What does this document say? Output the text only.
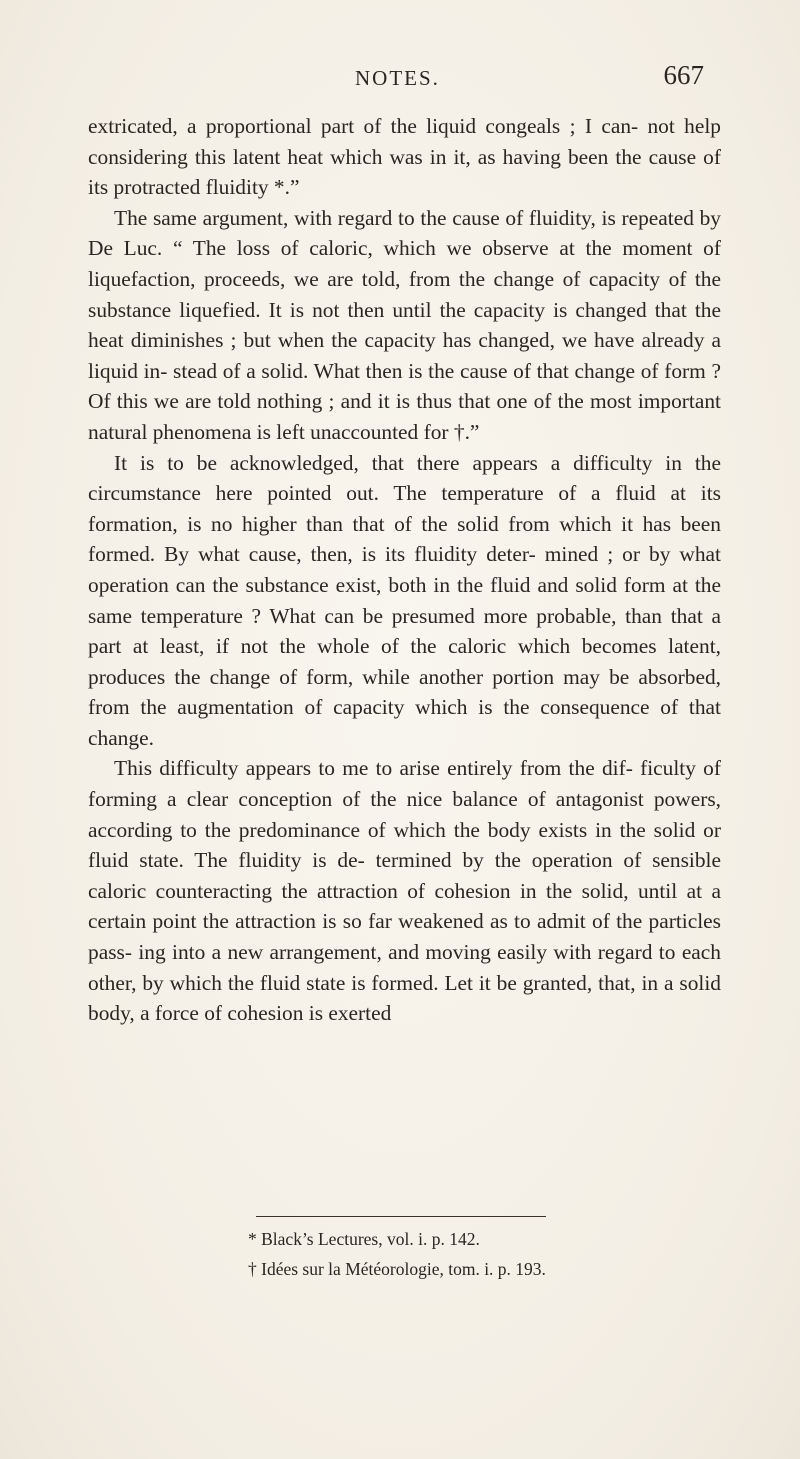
NOTES.	667

extricated, a proportional part of the liquid congeals ; I can- not help considering this latent heat which was in it, as having been the cause of its protracted fluidity *.”

The same argument, with regard to the cause of fluidity, is repeated by De Luc. “ The loss of caloric, which we observe at the moment of liquefaction, proceeds, we are told, from the change of capacity of the substance liquefied. It is not then until the capacity is changed that the heat diminishes ; but when the capacity has changed, we have already a liquid in- stead of a solid. What then is the cause of that change of form ? Of this we are told nothing ; and it is thus that one of the most important natural phenomena is left unaccounted for †.”

It is to be acknowledged, that there appears a difficulty in the circumstance here pointed out. The temperature of a fluid at its formation, is no higher than that of the solid from which it has been formed. By what cause, then, is its fluidity deter- mined ; or by what operation can the substance exist, both in the fluid and solid form at the same temperature ? What can be presumed more probable, than that a part at least, if not the whole of the caloric which becomes latent, produces the change of form, while another portion may be absorbed, from the augmentation of capacity which is the consequence of that change.

This difficulty appears to me to arise entirely from the dif- ficulty of forming a clear conception of the nice balance of antagonist powers, according to the predominance of which the body exists in the solid or fluid state. The fluidity is de- termined by the operation of sensible caloric counteracting the attraction of cohesion in the solid, until at a certain point the attraction is so far weakened as to admit of the particles pass- ing into a new arrangement, and moving easily with regard to each other, by which the fluid state is formed. Let it be granted, that, in a solid body, a force of cohesion is exerted

* Black’s Lectures, vol. i. p. 142.
† Idées sur la Météorologie, tom. i. p. 193.
